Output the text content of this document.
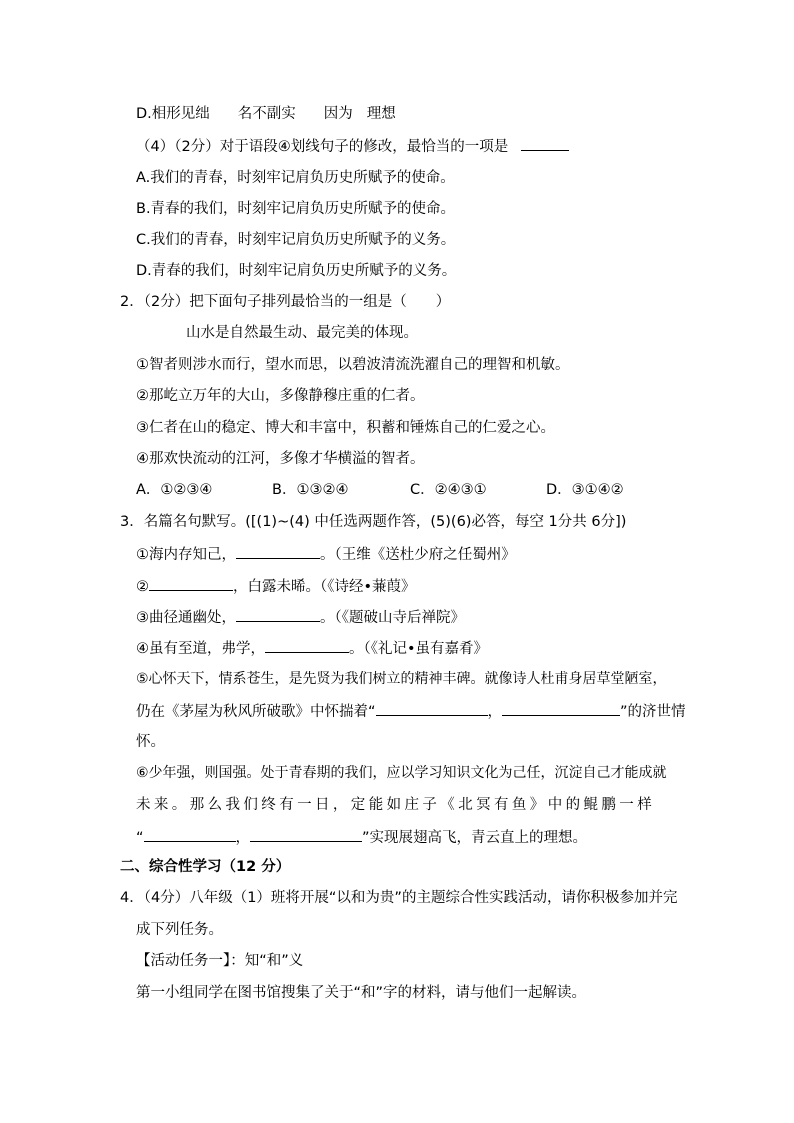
D.相形见绌 名不副实 因为 理想
（4）（2分）对于语段④划线句子的修改，最恰当的一项是
A.我们的青春，时刻牢记肩负历史所赋予的使命。
B.青春的我们，时刻牢记肩负历史所赋予的使命。
C.我们的青春，时刻牢记肩负历史所赋予的义务。
D.青春的我们，时刻牢记肩负历史所赋予的义务。
2．（2分）把下面句子排列最恰当的一组是（　　）
山水是自然最生动、最完美的体现。
①智者则涉水而行，望水而思，以碧波清流洗濯自己的理智和机敏。
②那屹立万年的大山，多像静穆庄重的仁者。
③仁者在山的稳定、博大和丰富中，积蓄和锤炼自己的仁爱之心。
④那欢快流动的江河，多像才华横溢的智者。
A．①②③④	B．①③②④	C．②④③①	D．③①④②
3．名篇名句默写。([(1)~(4) 中任选两题作答，(5)(6)必答，每空 1分共 6分])
①海内存知己，	。（王维《送杜少府之任蜀州》
②	，白露未晞。（《诗经•蒹葭》
③曲径通幽处，	。（《题破山寺后禅院》
④虽有至道，弗学，	。（《礼记•虽有嘉肴》
⑤心怀天下，情系苍生，是先贤为我们树立的精神丰碑。就像诗人杜甫身居草堂陋室，
仍在《茅屋为秋风所破歌》中怀揣着“	，	”的济世情
怀。
⑥少年强，则国强。处于青春期的我们，应以学习知识文化为己任，沉淀自己才能成就
未来。那么我们终有一日，定能如庄子《北冥有鱼》中的鲲鹏一样
“	，	”实现展翅高飞，青云直上的理想。
二、综合性学习（12 分）
4．（4分）八年级（1）班将开展“以和为贵”的主题综合性实践活动，请你积极参加并完
成下列任务。
【活动任务一】：知“和”义
第一小组同学在图书馆搜集了关于“和”字的材料，请与他们一起解读。
